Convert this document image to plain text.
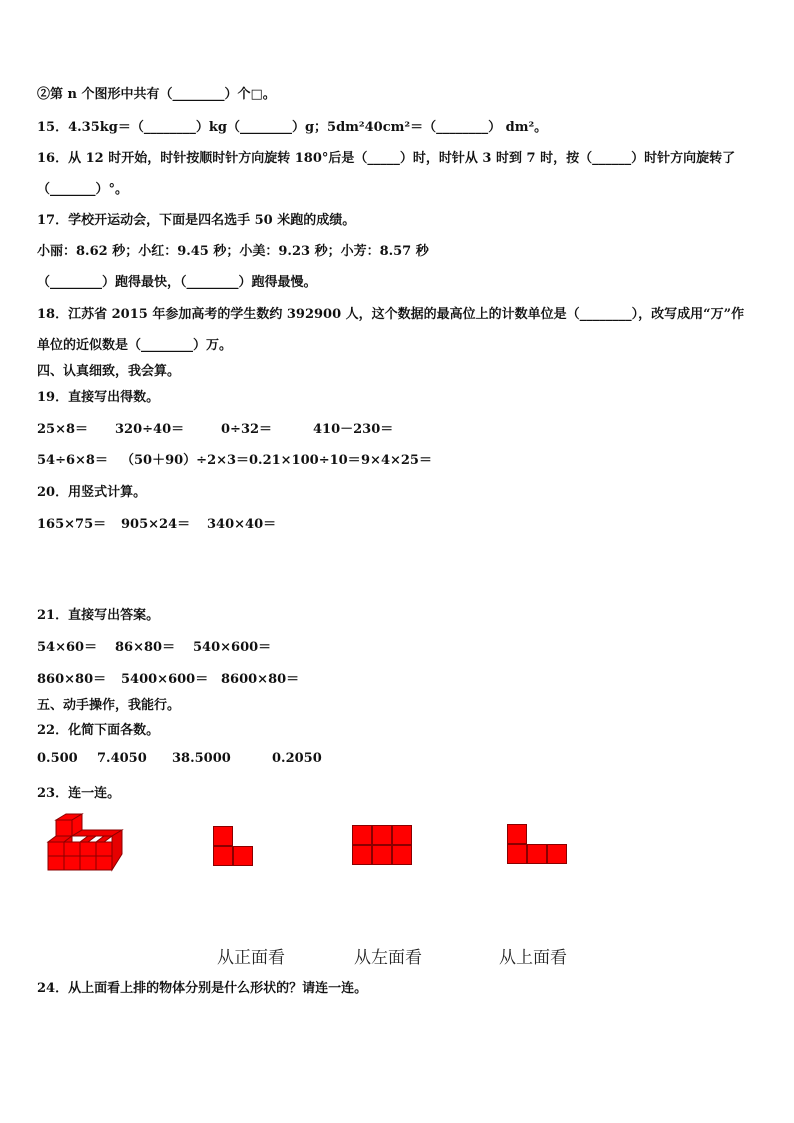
②第 n 个图形中共有（________）个□。
15．4.35kg＝（________）kg（________）g；5dm²40cm²＝（________） dm²。
16．从 12 时开始，时针按顺时针方向旋转 180°后是（_____）时，时针从 3 时到 7 时，按（______）时针方向旋转了
（_______）°。
17．学校开运动会，下面是四名选手 50 米跑的成绩。
小丽：8.62 秒；小红：9.45 秒；小美：9.23 秒；小芳：8.57 秒
（________）跑得最快，（________）跑得最慢。
18．江苏省 2015 年参加高考的学生数约 392900 人，这个数据的最高位上的计数单位是（________），改写成用“万”作
单位的近似数是（________）万。
四、认真细致，我会算。
19．直接写出得数。
25×8＝ 320÷40＝	0÷32＝	410－230＝
54÷6×8＝ （50＋90）÷2×3＝0.21×100÷10＝9×4×25＝
20．用竖式计算。
165×75＝ 905×24＝ 340×40＝
21．直接写出答案。
54×60＝ 86×80＝ 540×600＝
860×80＝ 5400×600＝ 8600×80＝
五、动手操作，我能行。
22．化简下面各数。
0.500 7.4050 38.5000	0.2050
23．连一连。
从正面看	从左面看	从上面看
24．从上面看上排的物体分别是什么形状的？请连一连。
